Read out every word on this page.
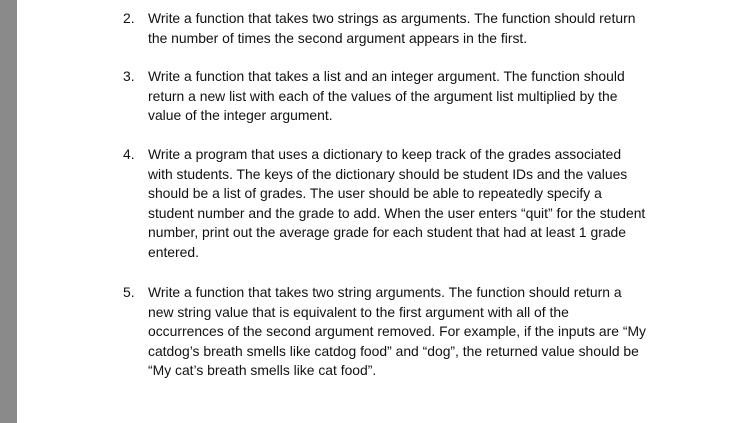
2. Write a function that takes two strings as arguments. The function should return
the number of times the second argument appears in the first.
3. Write a function that takes a list and an integer argument. The function should
return a new list with each of the values of the argument list multiplied by the
value of the integer argument.
4. Write a program that uses a dictionary to keep track of the grades associated
with students. The keys of the dictionary should be student IDs and the values
should be a list of grades. The user should be able to repeatedly specify a
student number and the grade to add. When the user enters “quit” for the student
number, print out the average grade for each student that had at least 1 grade
entered.
5. Write a function that takes two string arguments. The function should return a
new string value that is equivalent to the first argument with all of the
occurrences of the second argument removed. For example, if the inputs are “My
catdog’s breath smells like catdog food” and “dog”, the returned value should be
“My cat’s breath smells like cat food”.
